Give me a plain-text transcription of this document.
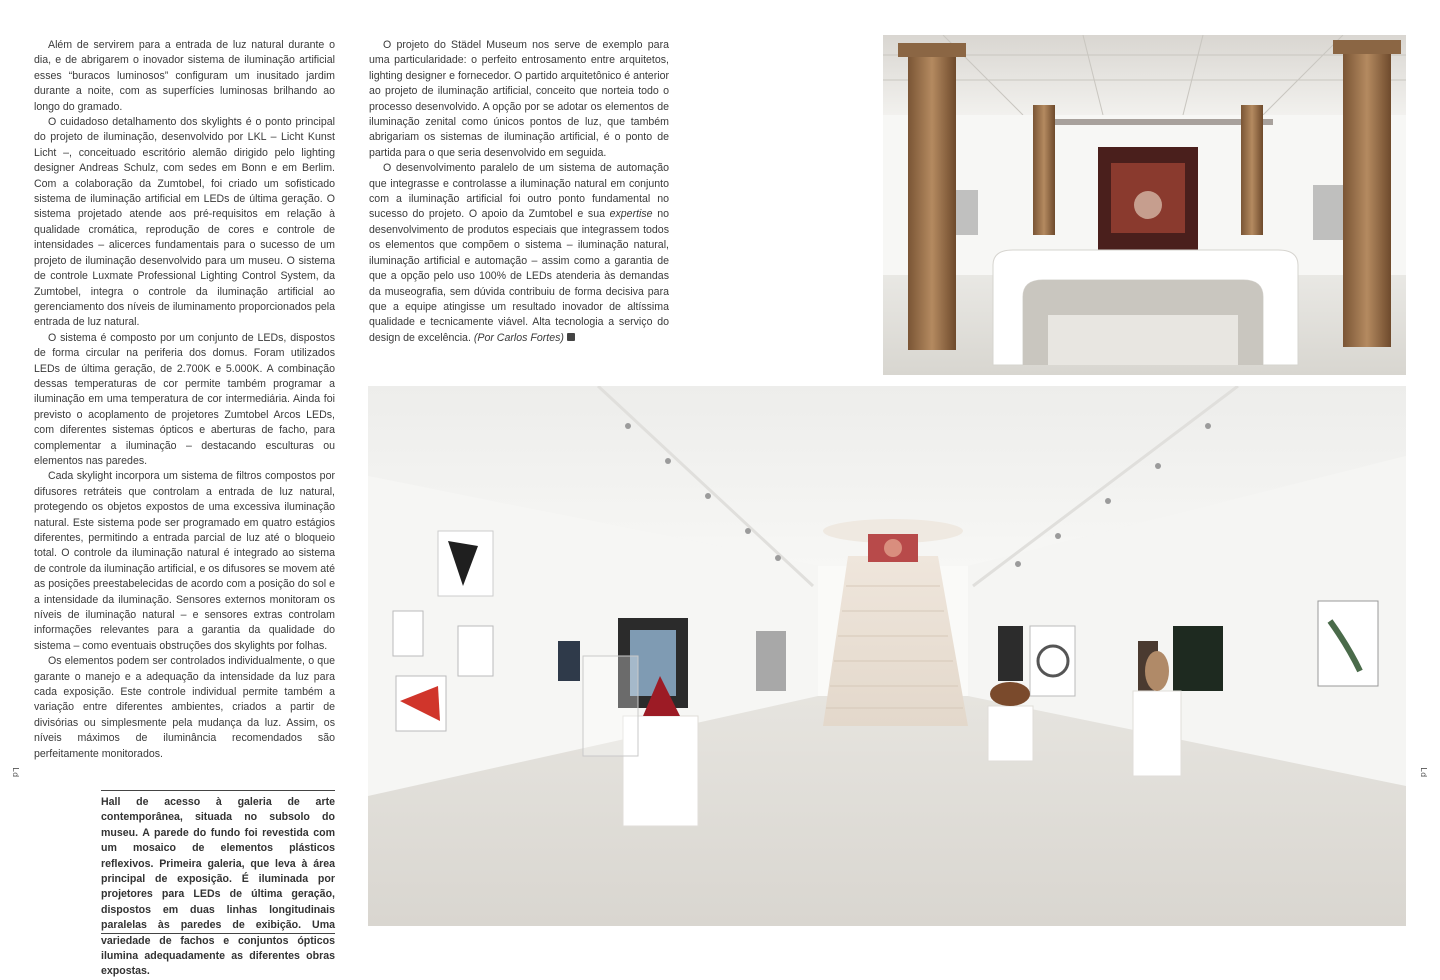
Além de servirem para a entrada de luz natural durante o dia, e de abrigarem o inovador sistema de iluminação artificial esses “buracos luminosos” configuram um inusitado jardim durante a noite, com as superfícies luminosas brilhando ao longo do gramado.

O cuidadoso detalhamento dos skylights é o ponto principal do projeto de iluminação, desenvolvido por LKL – Licht Kunst Licht –, conceituado escritório alemão dirigido pelo lighting designer Andreas Schulz, com sedes em Bonn e em Berlim. Com a colaboração da Zumtobel, foi criado um sofisticado sistema de iluminação artificial em LEDs de última geração. O sistema projetado atende aos pré-requisitos em relação à qualidade cromática, reprodução de cores e controle de intensidades – alicerces fundamentais para o sucesso de um projeto de iluminação desenvolvido para um museu. O sistema de controle Luxmate Professional Lighting Control System, da Zumtobel, integra o controle da iluminação artificial ao gerenciamento dos níveis de iluminamento proporcionados pela entrada de luz natural.

O sistema é composto por um conjunto de LEDs, dispostos de forma circular na periferia dos domus. Foram utilizados LEDs de última geração, de 2.700K e 5.000K. A combinação dessas temperaturas de cor permite também programar a iluminação em uma temperatura de cor intermediária. Ainda foi previsto o acoplamento de projetores Zumtobel Arcos LEDs, com diferentes sistemas ópticos e aberturas de facho, para complementar a iluminação – destacando esculturas ou elementos nas paredes.

Cada skylight incorpora um sistema de filtros compostos por difusores retráteis que controlam a entrada de luz natural, protegendo os objetos expostos de uma excessiva iluminação natural. Este sistema pode ser programado em quatro estágios diferentes, permitindo a entrada parcial de luz até o bloqueio total. O controle da iluminação natural é integrado ao sistema de controle da iluminação artificial, e os difusores se movem até as posições preestabelecidas de acordo com a posição do sol e a intensidade da iluminação. Sensores externos monitoram os níveis de iluminação natural – e sensores extras controlam informações relevantes para a garantia da qualidade do sistema – como eventuais obstruções dos skylights por folhas.

Os elementos podem ser controlados individualmente, o que garante o manejo e a adequação da intensidade da luz para cada exposição. Este controle individual permite também a variação entre diferentes ambientes, criados a partir de divisórias ou simplesmente pela mudança da luz. Assim, os níveis máximos de iluminância recomendados são perfeitamente monitorados.

O projeto do Städel Museum nos serve de exemplo para uma particularidade: o perfeito entrosamento entre arquitetos, lighting designer e fornecedor. O partido arquitetônico é anterior ao projeto de iluminação artificial, conceito que norteia todo o processo desenvolvido. A opção por se adotar os elementos de iluminação zenital como únicos pontos de luz, que também abrigariam os sistemas de iluminação artificial, é o ponto de partida para o que seria desenvolvido em seguida.

O desenvolvimento paralelo de um sistema de automação que integrasse e controlasse a iluminação natural em conjunto com a iluminação artificial foi outro ponto fundamental no sucesso do projeto. O apoio da Zumtobel e sua expertise no desenvolvimento de produtos especiais que integrassem todos os elementos que compõem o sistema – iluminação natural, iluminação artificial e automação – assim como a garantia de que a opção pelo uso 100% de LEDs atenderia às demandas da museografia, sem dúvida contribuiu de forma decisiva para que a equipe atingisse um resultado inovador de altíssima qualidade e tecnicamente viável. Alta tecnologia a serviço do design de excelência. (Por Carlos Fortes)

Hall de acesso à galeria de arte contemporânea, situada no subsolo do museu. A parede do fundo foi revestida com um mosaico de elementos plásticos reflexivos. Primeira galeria, que leva à área principal de exposição. É iluminada por projetores para LEDs de última geração, dispostos em duas linhas longitudinais paralelas às paredes de exibição. Uma variedade de fachos e conjuntos ópticos ilumina adequadamente as diferentes obras expostas.
Ld	Ld
